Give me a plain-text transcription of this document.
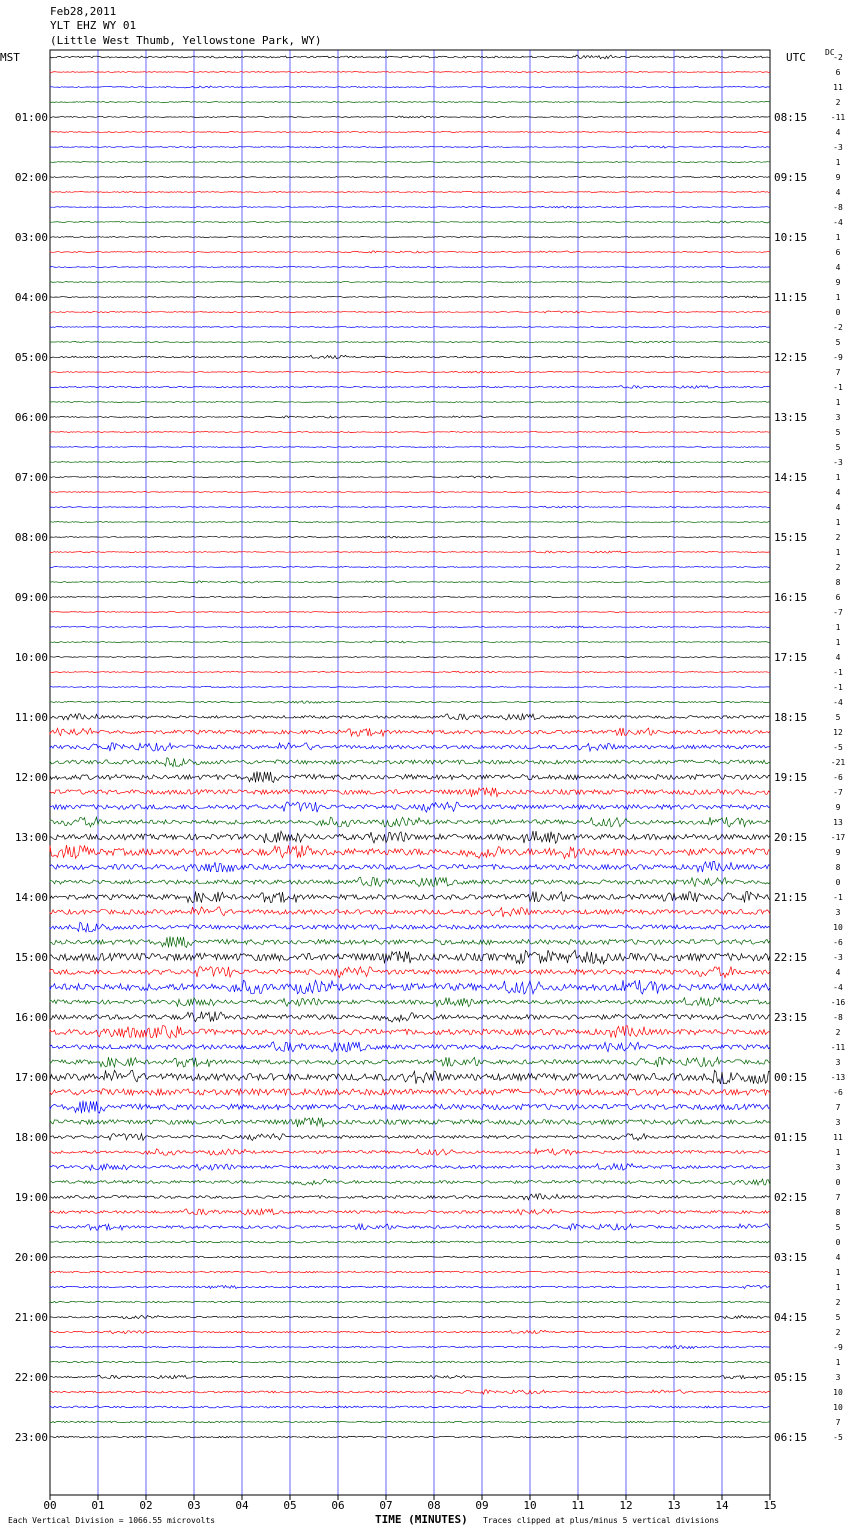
Feb28,2011
YLT EHZ WY 01
(Little West Thumb, Yellowstone Park, WY)
MST	UTC DC
-2
6
11
2
-11
4
-3
1
9
4
-8
-4
1
6
4
9
1
0
-2
5
-9
7
-1
1
3
5
5
-3
1
4
4
1
2
1
2
8
6
-7
1
1
4
-1
-1
-4
5
12
-5
-21
-6
-7
9
13
-17
9
8
0
-1
3
10
-6
-3
4
-4
-16
-8
2
-11
3
-13
-6
7
3
11
1
3
0
7
8
5
0
4
1
1
2
5
2
-9
1
3
10
10
7
-5
01:00	08:15
02:00	09:15
03:00	10:15
04:00	11:15
05:00	12:15
06:00	13:15
07:00	14:15
08:00	15:15
09:00	16:15
10:00	17:15
11:00	18:15
12:00	19:15
13:00	20:15
14:00	21:15
15:00	22:15
16:00	23:15
17:00	00:15
18:00	01:15
19:00	02:15
20:00	03:15
21:00	04:15
22:00	05:15
23:00	06:15
00	01	02	03	04	05	06	07	08	09	10	11	12	13	14	15
Each Vertical Division = 1066.55 microvolts	TIME (MINUTES) Traces clipped at plus/minus 5 vertical divisions
